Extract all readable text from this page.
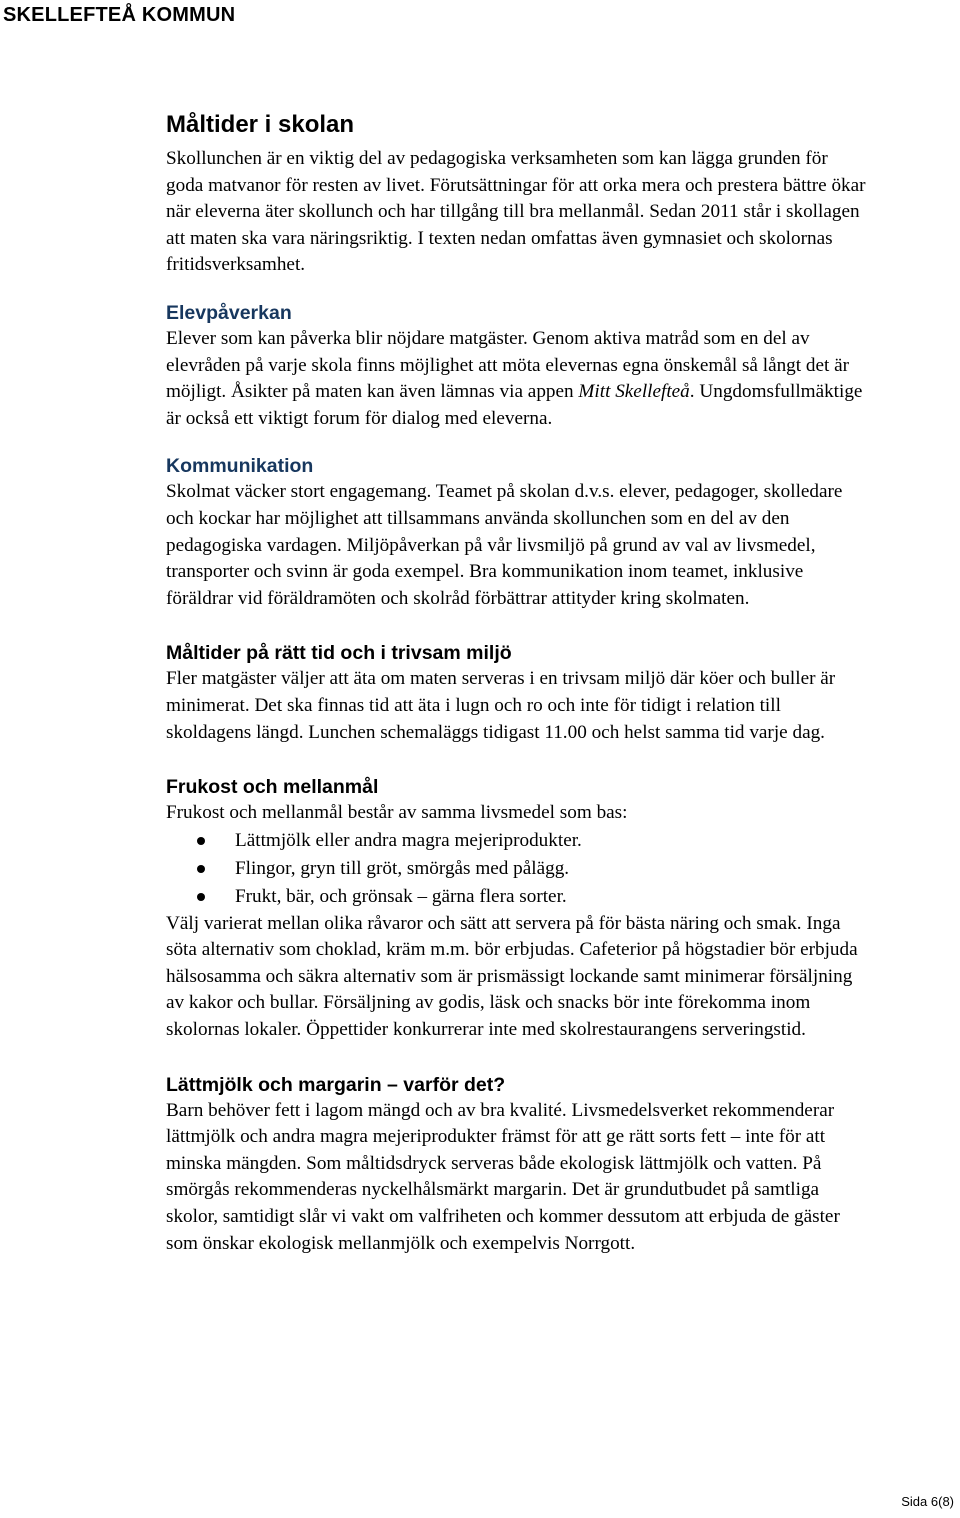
SKELLEFTEÅ KOMMUN
Måltider i skolan

Skollunchen är en viktig del av pedagogiska verksamheten som kan lägga grunden för goda matvanor för resten av livet. Förutsättningar för att orka mera och prestera bättre ökar när eleverna äter skollunch och har tillgång till bra mellanmål. Sedan 2011 står i skollagen att maten ska vara näringsriktig. I texten nedan omfattas även gymnasiet och skolornas fritidsverksamhet.

Elevpåverkan

Elever som kan påverka blir nöjdare matgäster. Genom aktiva matråd som en del av elevråden på varje skola finns möjlighet att möta elevernas egna önskemål så långt det är möjligt. Åsikter på maten kan även lämnas via appen Mitt Skellefteå. Ungdomsfullmäktige är också ett viktigt forum för dialog med eleverna.

Kommunikation

Skolmat väcker stort engagemang. Teamet på skolan d.v.s. elever, pedagoger, skolledare och kockar har möjlighet att tillsammans använda skollunchen som en del av den pedagogiska vardagen. Miljöpåverkan på vår livsmiljö på grund av val av livsmedel, transporter och svinn är goda exempel. Bra kommunikation inom teamet, inklusive föräldrar vid föräldramöten och skolråd förbättrar attityder kring skolmaten.

Måltider på rätt tid och i trivsam miljö

Fler matgäster väljer att äta om maten serveras i en trivsam miljö där köer och buller är minimerat. Det ska finnas tid att äta i lugn och ro och inte för tidigt i relation till skoldagens längd. Lunchen schemaläggs tidigast 11.00 och helst samma tid varje dag.

Frukost och mellanmål

Frukost och mellanmål består av samma livsmedel som bas:

Lättmjölk eller andra magra mejeriprodukter.
Flingor, gryn till gröt, smörgås med pålägg.
Frukt, bär, och grönsak – gärna flera sorter.

Välj varierat mellan olika råvaror och sätt att servera på för bästa näring och smak. Inga söta alternativ som choklad, kräm m.m. bör erbjudas. Cafeterior på högstadier bör erbjuda hälsosamma och säkra alternativ som är prismässigt lockande samt minimerar försäljning av kakor och bullar. Försäljning av godis, läsk och snacks bör inte förekomma inom skolornas lokaler. Öppettider konkurrerar inte med skolrestaurangens serveringstid.

Lättmjölk och margarin – varför det?

Barn behöver fett i lagom mängd och av bra kvalité. Livsmedelsverket rekommenderar lättmjölk och andra magra mejeriprodukter främst för att ge rätt sorts fett – inte för att minska mängden. Som måltidsdryck serveras både ekologisk lättmjölk och vatten. På smörgås rekommenderas nyckelhålsmärkt margarin. Det är grundutbudet på samtliga skolor, samtidigt slår vi vakt om valfriheten och kommer dessutom att erbjuda de gäster som önskar ekologisk mellanmjölk och exempelvis Norrgott.

Sida 6(8)
